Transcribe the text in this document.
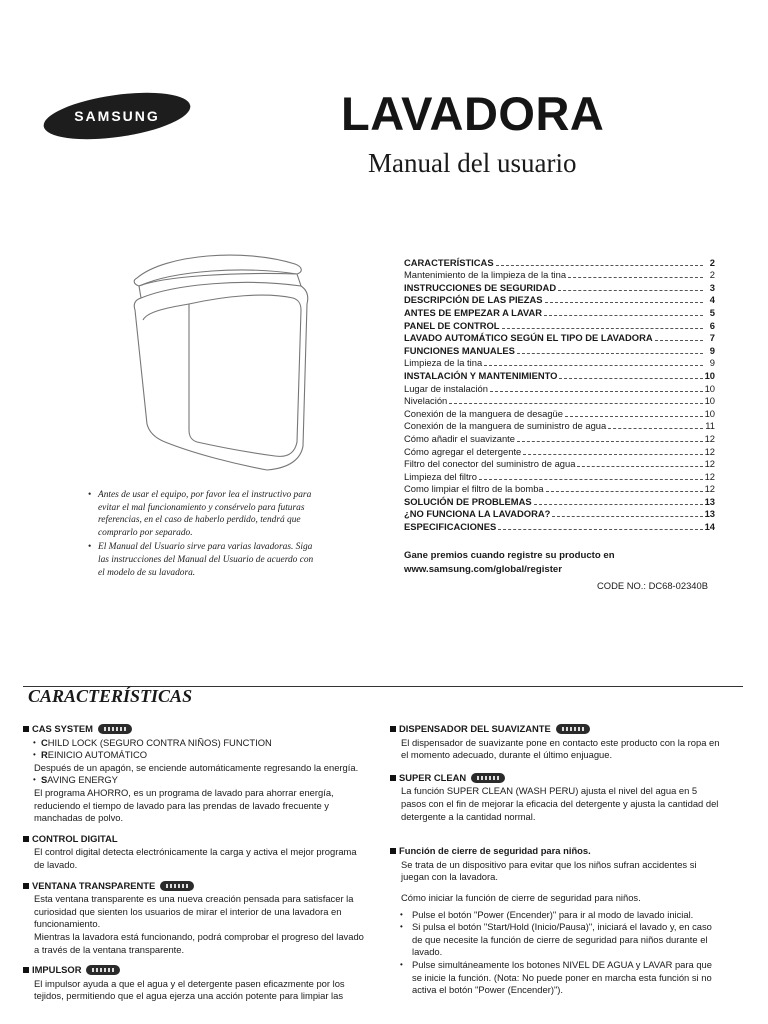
SAMSUNG	LAVADORA
Manual del usuario
• Antes de usar el equipo, por favor lea el instructivo para evitar el mal funcionamiento y consérvelo para futuras referencias, en el caso de haberlo perdido, tendrá que comprarlo por separado.
• El Manual del Usuario sirve para varias lavadoras. Siga las instrucciones del Manual del Usuario de acuerdo con el modelo de su lavadora.
CARACTERÍSTICAS	2
Mantenimiento de la limpieza de la tina	2
INSTRUCCIONES DE SEGURIDAD	3
DESCRIPCIÓN DE LAS PIEZAS	4
ANTES DE EMPEZAR A LAVAR	5
PANEL DE CONTROL	6
LAVADO AUTOMÁTICO SEGÚN EL TIPO DE LAVADORA	7
FUNCIONES MANUALES	9
Limpieza de la tina	9
INSTALACIÓN Y MANTENIMIENTO	10
Lugar de instalación	10
Nivelación	10
Conexión de la manguera de desagüe	10
Conexión de la manguera de suministro de agua	11
Cómo añadir el suavizante	12
Cómo agregar el detergente	12
Filtro del conector del suministro de agua	12
Limpieza del filtro	12
Como limpiar el filtro de la bomba	12
SOLUCIÓN DE PROBLEMAS	13
¿NO FUNCIONA LA LAVADORA?	13
ESPECIFICACIONES	14
Gane premios cuando registre su producto en
www.samsung.com/global/register
CODE NO.: DC68-02340B
CARACTERÍSTICAS
CAS SYSTEM
• CHILD LOCK (SEGURO CONTRA NIÑOS) FUNCTION
• REINICIO AUTOMÁTICO
Después de un apagón, se enciende automáticamente regresando la energía.
• SAVING ENERGY
El programa AHORRO, es un programa de lavado para ahorrar energía, reduciendo el tiempo de lavado para las prendas de lavado frecuente y manchadas de polvo.
CONTROL DIGITAL
El control digital detecta electrónicamente la carga y activa el mejor programa de lavado.
VENTANA TRANSPARENTE
Esta ventana transparente es una nueva creación pensada para satisfacer la curiosidad que sienten los usuarios de mirar el interior de una lavadora en funcionamiento.
Mientras la lavadora está funcionando, podrá comprobar el progreso del lavado a través de la ventana transparente.
IMPULSOR
El impulsor ayuda a que el agua y el detergente pasen eficazmente por los tejidos, permitiendo que el agua ejerza una acción potente para limpiar las
DISPENSADOR DEL SUAVIZANTE
El dispensador de suavizante pone en contacto este producto con la ropa en el momento adecuado, durante el último enjuague.
SUPER CLEAN
La función SUPER CLEAN (WASH PERU) ajusta el nivel del agua en 5 pasos con el fin de mejorar la eficacia del detergente y ajusta la cantidad del detergente a la cantidad normal.
Función de cierre de seguridad para niños.
Se trata de un dispositivo para evitar que los niños sufran accidentes si juegan con la lavadora.
Cómo iniciar la función de cierre de seguridad para niños.
• Pulse el botón "Power (Encender)" para ir al modo de lavado inicial.
• Si pulsa el botón "Start/Hold (Inicio/Pausa)", iniciará el lavado y, en caso de que necesite la función de cierre de seguridad para niños durante el lavado.
• Pulse simultáneamente los botones NIVEL DE AGUA y LAVAR para que se inicie la función. (Nota: No puede poner en marcha esta función si no activa el botón "Power (Encender)").
